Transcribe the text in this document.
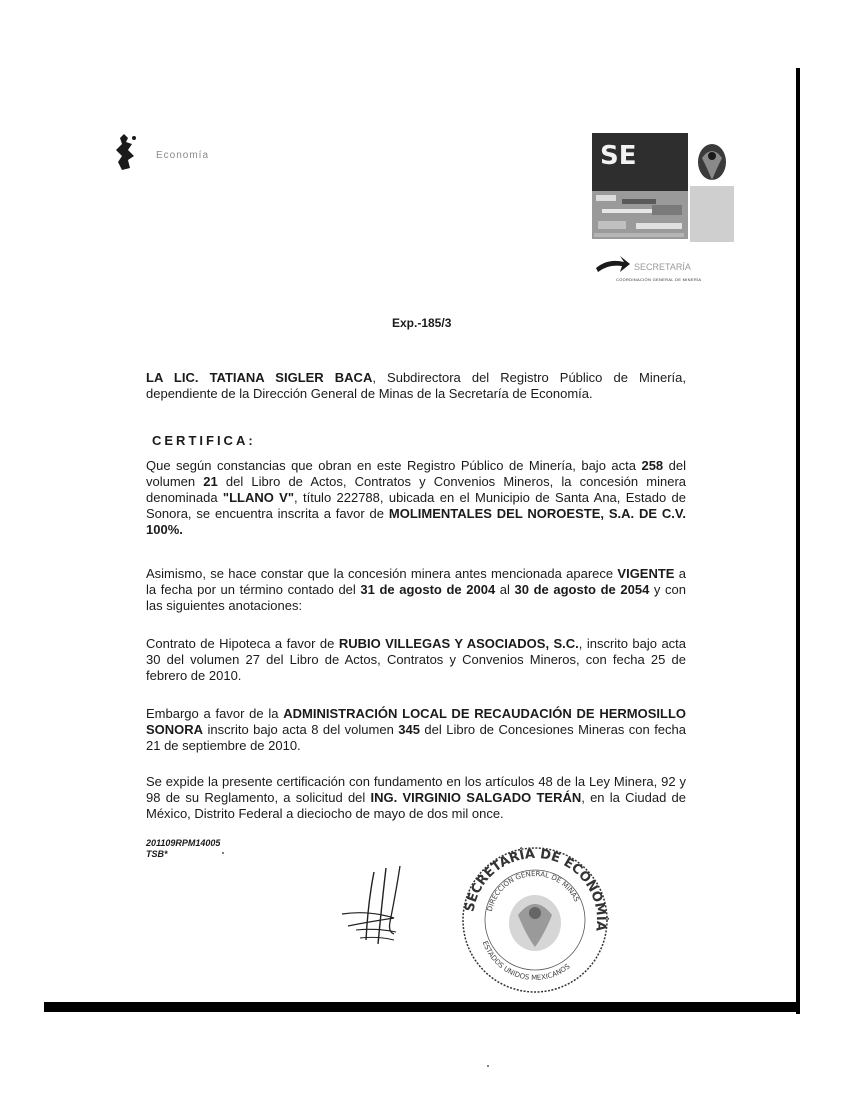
Economía	SE
SECRETARÍA
COORDINACIÓN GENERAL DE MINERÍA
Exp.-185/3
LA LIC. TATIANA SIGLER BACA, Subdirectora del Registro Público de Minería, dependiente de la Dirección General de Minas de la Secretaría de Economía.
CERTIFICA:
Que según constancias que obran en este Registro Público de Minería, bajo acta 258 del volumen 21 del Libro de Actos, Contratos y Convenios Mineros, la concesión minera denominada "LLANO V", título 222788, ubicada en el Municipio de Santa Ana, Estado de Sonora, se encuentra inscrita a favor de MOLIMENTALES DEL NOROESTE, S.A. DE C.V. 100%.
Asimismo, se hace constar que la concesión minera antes mencionada aparece VIGENTE a la fecha por un término contado del 31 de agosto de 2004 al 30 de agosto de 2054 y con las siguientes anotaciones:
Contrato de Hipoteca a favor de RUBIO VILLEGAS Y ASOCIADOS, S.C., inscrito bajo acta 30 del volumen 27 del Libro de Actos, Contratos y Convenios Mineros, con fecha 25 de febrero de 2010.
Embargo a favor de la ADMINISTRACIÓN LOCAL DE RECAUDACIÓN DE HERMOSILLO SONORA inscrito bajo acta 8 del volumen 345 del Libro de Concesiones Mineras con fecha 21 de septiembre de 2010.
Se expide la presente certificación con fundamento en los artículos 48 de la Ley Minera, 92 y 98 de su Reglamento, a solicitud del ING. VIRGINIO SALGADO TERÁN, en la Ciudad de México, Distrito Federal a dieciocho de mayo de dos mil once.
201109RPM14005
TSB*
SECRETARÍA DE ECONOMÍA
DIRECCIÓN GENERAL DE MINAS
ESTADOS UNIDOS MEXICANOS
